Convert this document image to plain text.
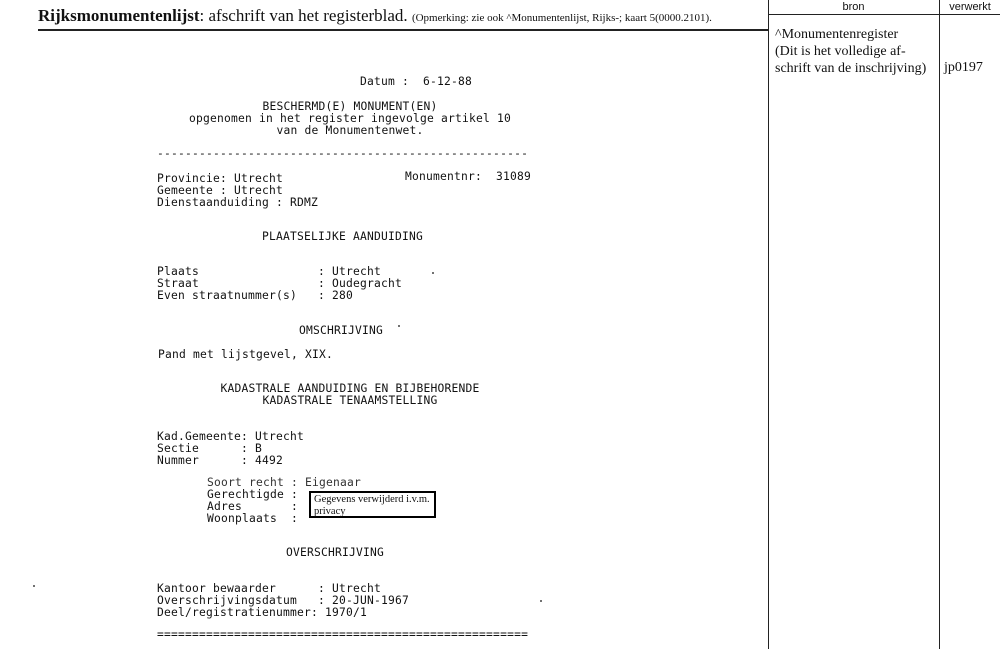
Rijksmonumentenlijst: afschrift van het registerblad. (Opmerking: zie ook ^Monumentenlijst, Rijks-; kaart 5(0000.2101).
bron	verwerkt
^Monumentenregister
(Dit is het volledige af-
schrift van de inschrijving)	jp0197
Datum :  6-12-88
BESCHERMD(E) MONUMENT(EN)
opgenomen in het register ingevolge artikel 10
van de Monumentenwet.
-----------------------------------------------------
Provincie: Utrecht	Monumentnr:  31089
Gemeente : Utrecht
Dienstaanduiding : RDMZ
PLAATSELIJKE AANDUIDING
Plaats                 : Utrecht
Straat                 : Oudegracht
Even straatnummer(s)   : 280
OMSCHRIJVING
Pand met lijstgevel, XIX.
KADASTRALE AANDUIDING EN BIJBEHORENDE
KADASTRALE TENAAMSTELLING
Kad.Gemeente: Utrecht
Sectie      : B
Nummer      : 4492
Soort recht : Eigenaar
Gerechtigde :
Adres       :
Woonplaats  :
Gegevens verwijderd i.v.m. privacy
OVERSCHRIJVING
Kantoor bewaarder      : Utrecht
Overschrijvingsdatum   : 20-JUN-1967
Deel/registratienummer: 1970/1
=====================================================
